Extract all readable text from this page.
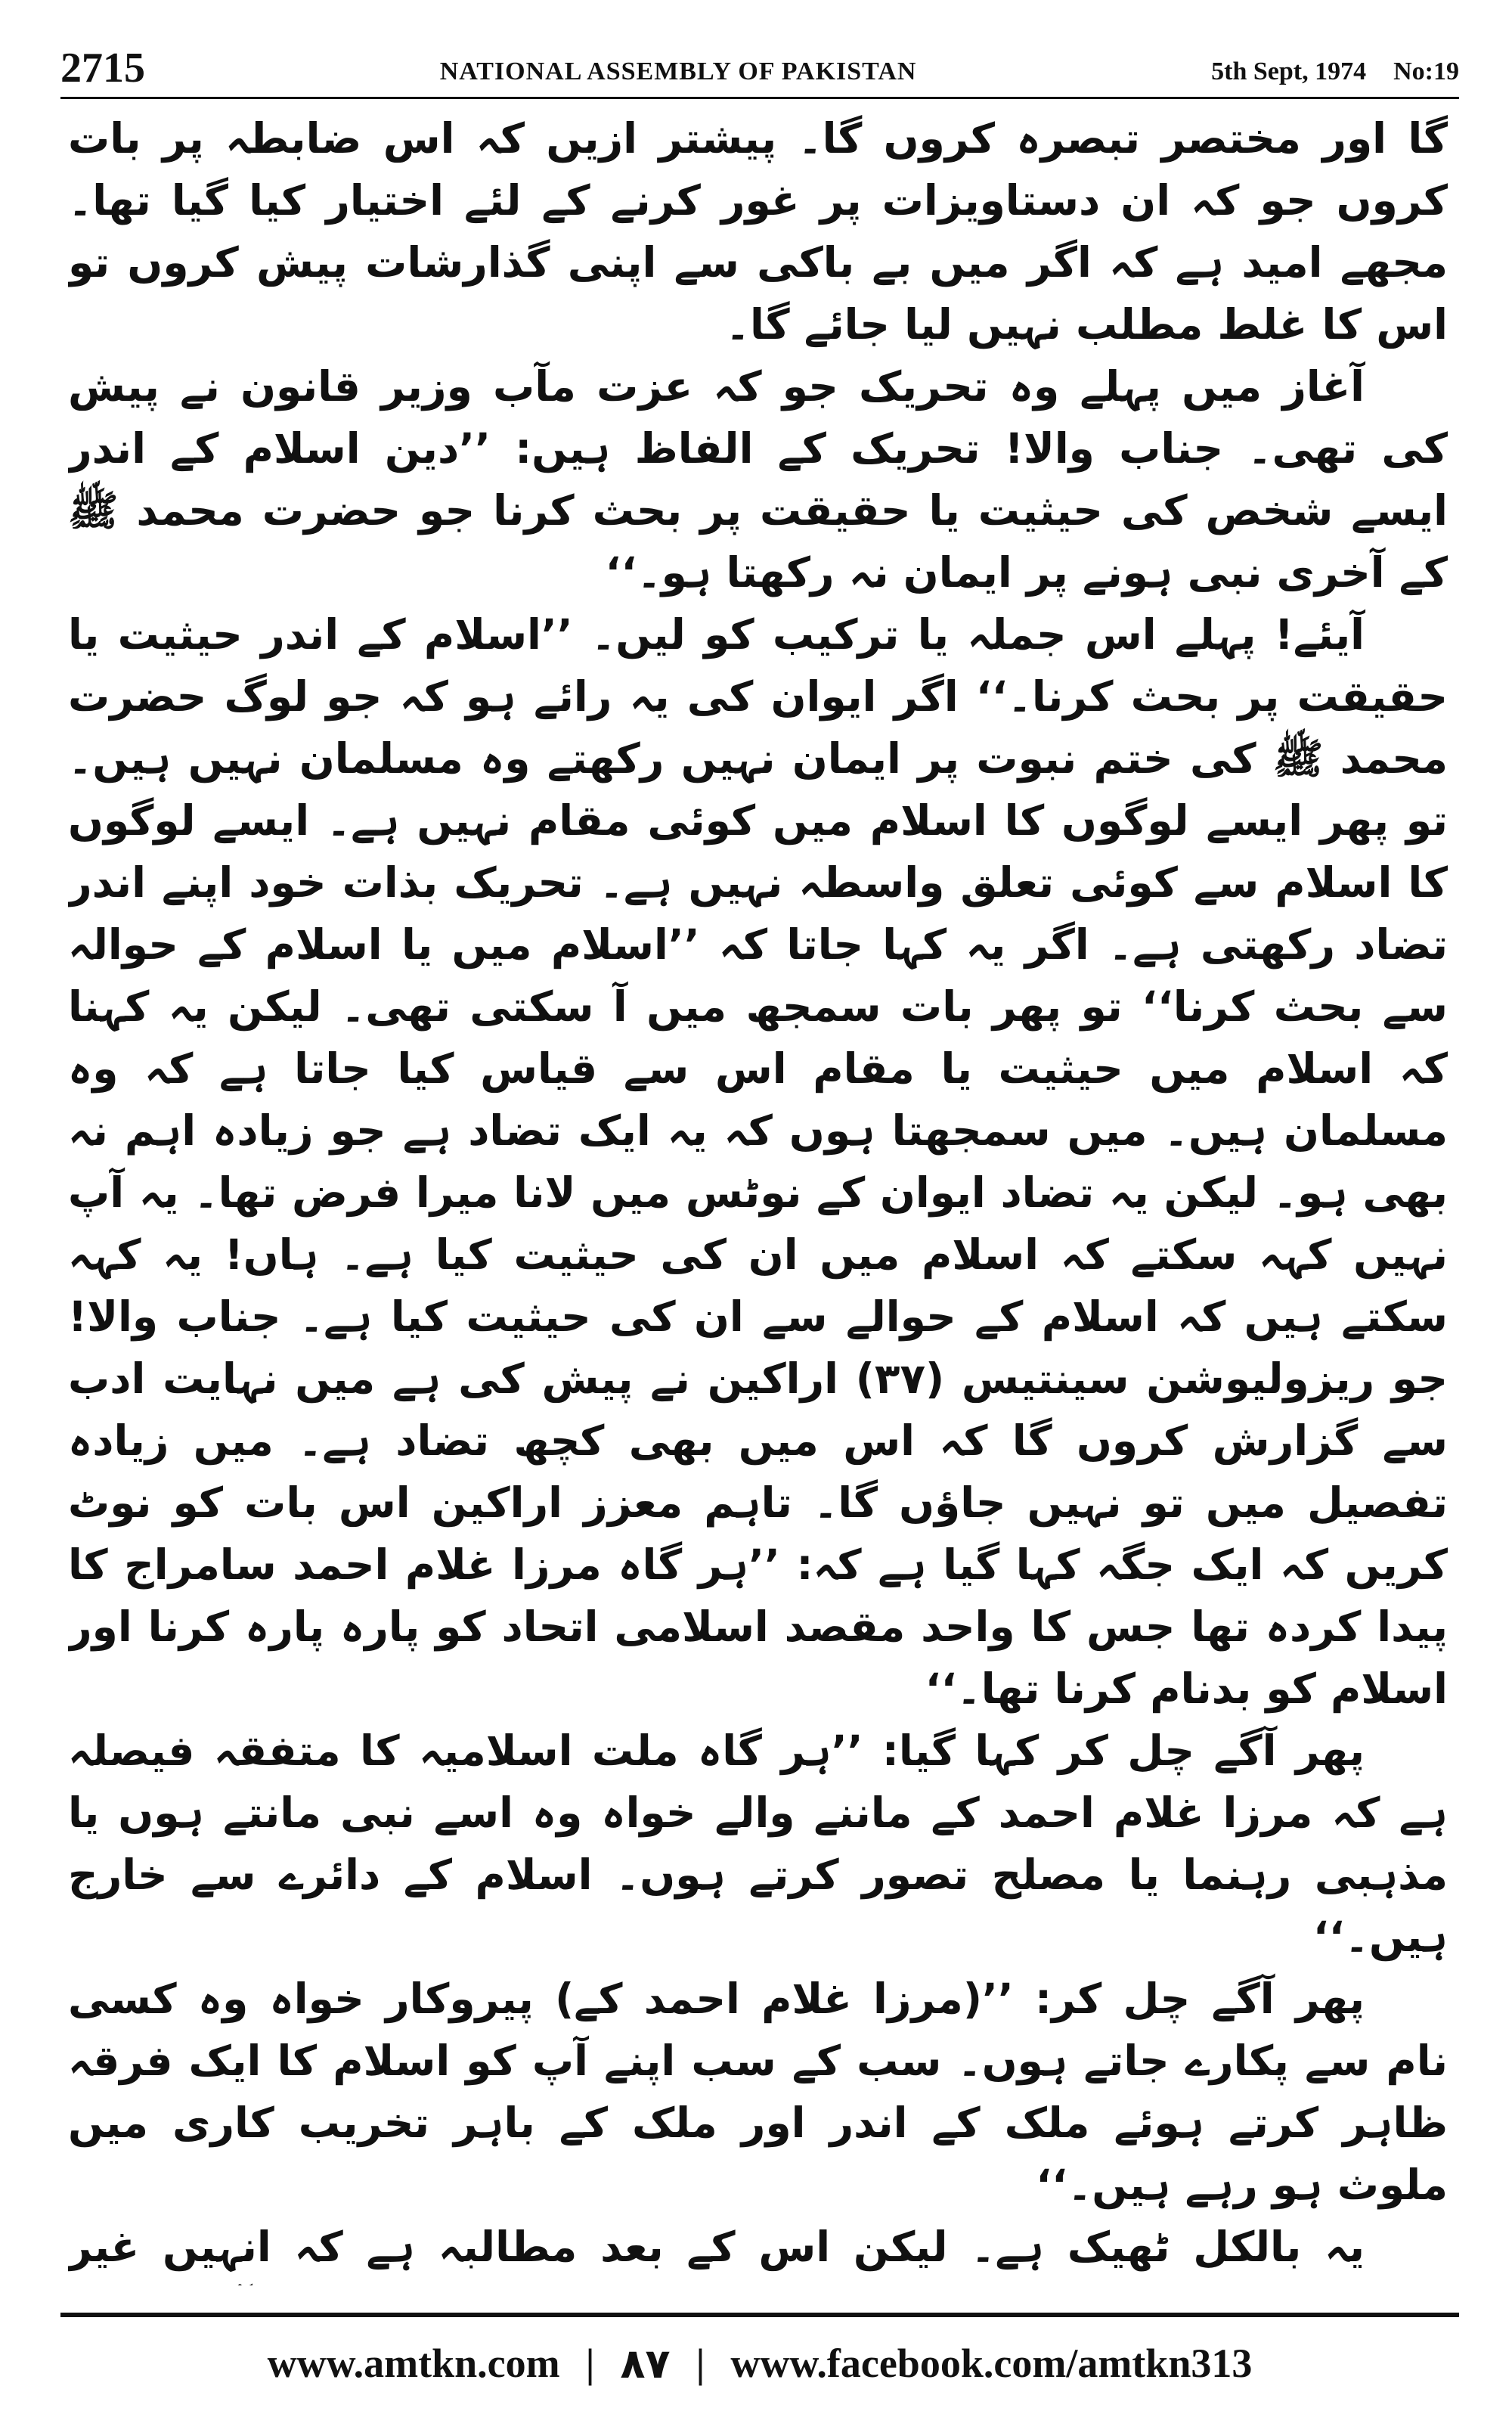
2715	NATIONAL ASSEMBLY OF PAKISTAN	5th Sept, 1974 No:19

گا اور مختصر تبصرہ کروں گا۔ پیشتر ازیں کہ اس ضابطہ پر بات کروں جو کہ ان دستاویزات پر غور کرنے کے لئے اختیار کیا گیا تھا۔ مجھے امید ہے کہ اگر میں بے باکی سے اپنی گذارشات پیش کروں تو اس کا غلط مطلب نہیں لیا جائے گا۔

آغاز میں پہلے وہ تحریک جو کہ عزت مآب وزیر قانون نے پیش کی تھی۔ جناب والا! تحریک کے الفاظ ہیں: ’’دین اسلام کے اندر ایسے شخص کی حیثیت یا حقیقت پر بحث کرنا جو حضرت محمد ﷺ کے آخری نبی ہونے پر ایمان نہ رکھتا ہو۔‘‘

آیئے! پہلے اس جملہ یا ترکیب کو لیں۔ ’’اسلام کے اندر حیثیت یا حقیقت پر بحث کرنا۔‘‘ اگر ایوان کی یہ رائے ہو کہ جو لوگ حضرت محمد ﷺ کی ختم نبوت پر ایمان نہیں رکھتے وہ مسلمان نہیں ہیں۔ تو پھر ایسے لوگوں کا اسلام میں کوئی مقام نہیں ہے۔ ایسے لوگوں کا اسلام سے کوئی تعلق واسطہ نہیں ہے۔ تحریک بذات خود اپنے اندر تضاد رکھتی ہے۔ اگر یہ کہا جاتا کہ ’’اسلام میں یا اسلام کے حوالہ سے بحث کرنا‘‘ تو پھر بات سمجھ میں آ سکتی تھی۔ لیکن یہ کہنا کہ اسلام میں حیثیت یا مقام اس سے قیاس کیا جاتا ہے کہ وہ مسلمان ہیں۔ میں سمجھتا ہوں کہ یہ ایک تضاد ہے جو زیادہ اہم نہ بھی ہو۔ لیکن یہ تضاد ایوان کے نوٹس میں لانا میرا فرض تھا۔ یہ آپ نہیں کہہ سکتے کہ اسلام میں ان کی حیثیت کیا ہے۔ ہاں! یہ کہہ سکتے ہیں کہ اسلام کے حوالے سے ان کی حیثیت کیا ہے۔ جناب والا! جو ریزولیوشن سینتیس (۳۷) اراکین نے پیش کی ہے میں نہایت ادب سے گزارش کروں گا کہ اس میں بھی کچھ تضاد ہے۔ میں زیادہ تفصیل میں تو نہیں جاؤں گا۔ تاہم معزز اراکین اس بات کو نوٹ کریں کہ ایک جگہ کہا گیا ہے کہ: ’’ہر گاہ مرزا غلام احمد سامراج کا پیدا کردہ تھا جس کا واحد مقصد اسلامی اتحاد کو پارہ پارہ کرنا اور اسلام کو بدنام کرنا تھا۔‘‘

پھر آگے چل کر کہا گیا: ’’ہر گاہ ملت اسلامیہ کا متفقہ فیصلہ ہے کہ مرزا غلام احمد کے ماننے والے خواہ وہ اسے نبی مانتے ہوں یا مذہبی رہنما یا مصلح تصور کرتے ہوں۔ اسلام کے دائرے سے خارج ہیں۔‘‘

پھر آگے چل کر: ’’(مرزا غلام احمد کے) پیروکار خواہ وہ کسی نام سے پکارے جاتے ہوں۔ سب کے سب اپنے آپ کو اسلام کا ایک فرقہ ظاہر کرتے ہوئے ملک کے اندر اور ملک کے باہر تخریب کاری میں ملوث ہو رہے ہیں۔‘‘

یہ بالکل ٹھیک ہے۔ لیکن اس کے بعد مطالبہ ہے کہ انہیں غیر

www.amtkn.com | ۸۷ | www.facebook.com/amtkn313
